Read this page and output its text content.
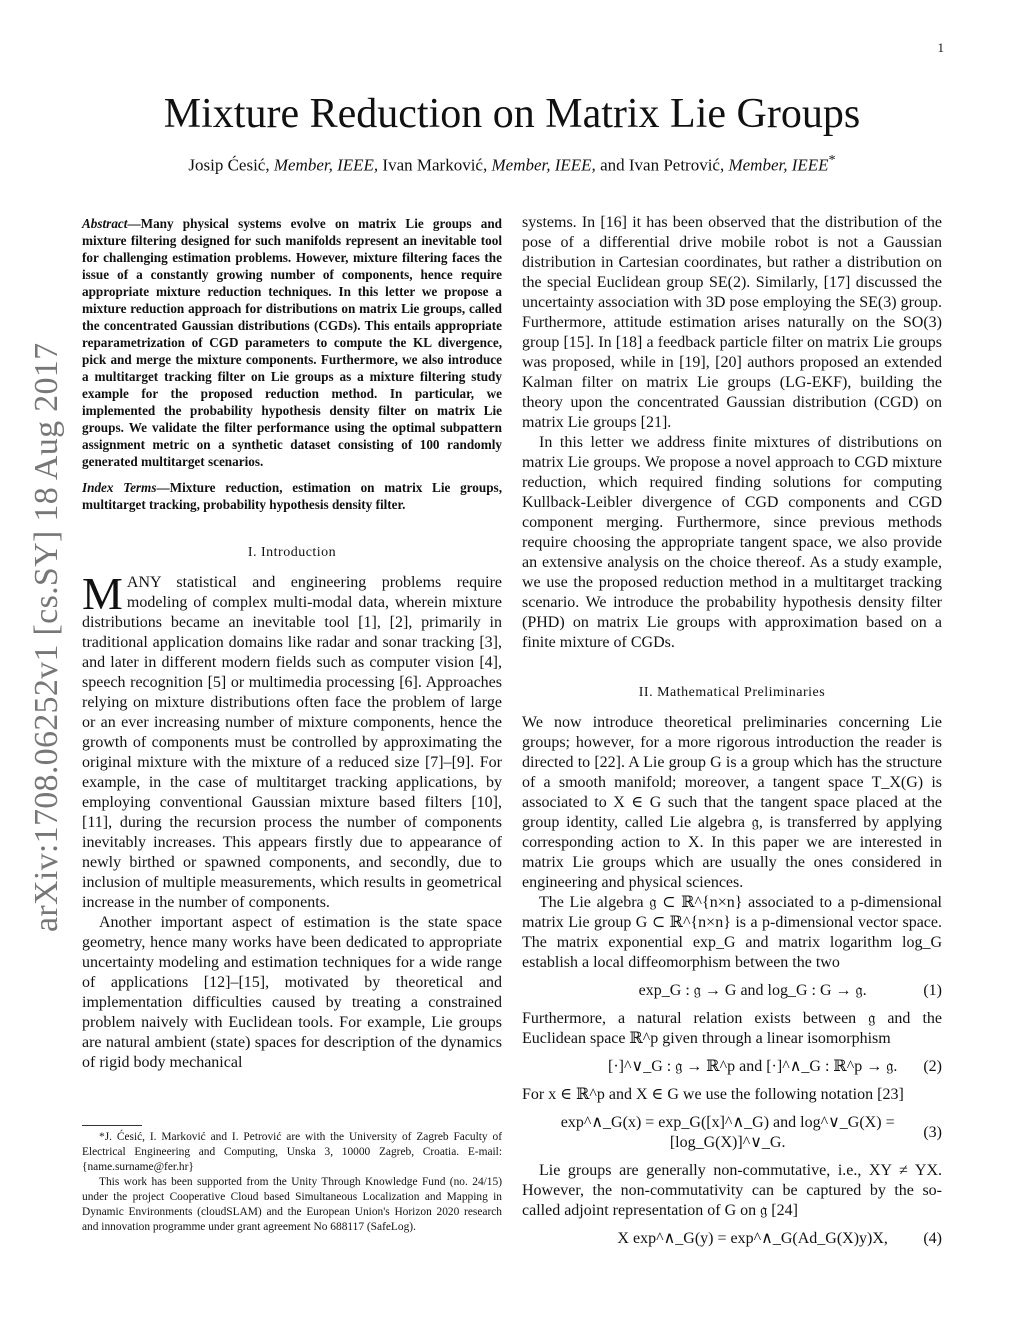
1
arXiv:1708.06252v1 [cs.SY] 18 Aug 2017
Mixture Reduction on Matrix Lie Groups
Josip Ćesić, Member, IEEE, Ivan Marković, Member, IEEE, and Ivan Petrović, Member, IEEE*

Abstract—Many physical systems evolve on matrix Lie groups and mixture filtering designed for such manifolds represent an inevitable tool for challenging estimation problems. However, mixture filtering faces the issue of a constantly growing number of components, hence require appropriate mixture reduction techniques. In this letter we propose a mixture reduction approach for distributions on matrix Lie groups, called the concentrated Gaussian distributions (CGDs). This entails appropriate reparametrization of CGD parameters to compute the KL divergence, pick and merge the mixture components. Furthermore, we also introduce a multitarget tracking filter on Lie groups as a mixture filtering study example for the proposed reduction method. In particular, we implemented the probability hypothesis density filter on matrix Lie groups. We validate the filter performance using the optimal subpattern assignment metric on a synthetic dataset consisting of 100 randomly generated multitarget scenarios.

Index Terms—Mixture reduction, estimation on matrix Lie groups, multitarget tracking, probability hypothesis density filter.

I. Introduction

MANY statistical and engineering problems require modeling of complex multi-modal data, wherein mixture distributions became an inevitable tool [1], [2], primarily in traditional application domains like radar and sonar tracking [3], and later in different modern fields such as computer vision [4], speech recognition [5] or multimedia processing [6]. Approaches relying on mixture distributions often face the problem of large or an ever increasing number of mixture components, hence the growth of components must be controlled by approximating the original mixture with the mixture of a reduced size [7]–[9]. For example, in the case of multitarget tracking applications, by employing conventional Gaussian mixture based filters [10], [11], during the recursion process the number of components inevitably increases. This appears firstly due to appearance of newly birthed or spawned components, and secondly, due to inclusion of multiple measurements, which results in geometrical increase in the number of components.

Another important aspect of estimation is the state space geometry, hence many works have been dedicated to appropriate uncertainty modeling and estimation techniques for a wide range of applications [12]–[15], motivated by theoretical and implementation difficulties caused by treating a constrained problem naively with Euclidean tools. For example, Lie groups are natural ambient (state) spaces for description of the dynamics of rigid body mechanical

*J. Ćesić, I. Marković and I. Petrović are with the University of Zagreb Faculty of Electrical Engineering and Computing, Unska 3, 10000 Zagreb, Croatia. E-mail: {name.surname@fer.hr}

This work has been supported from the Unity Through Knowledge Fund (no. 24/15) under the project Cooperative Cloud based Simultaneous Localization and Mapping in Dynamic Environments (cloudSLAM) and the European Union's Horizon 2020 research and innovation programme under grant agreement No 688117 (SafeLog).

systems. In [16] it has been observed that the distribution of the pose of a differential drive mobile robot is not a Gaussian distribution in Cartesian coordinates, but rather a distribution on the special Euclidean group SE(2). Similarly, [17] discussed the uncertainty association with 3D pose employing the SE(3) group. Furthermore, attitude estimation arises naturally on the SO(3) group [15]. In [18] a feedback particle filter on matrix Lie groups was proposed, while in [19], [20] authors proposed an extended Kalman filter on matrix Lie groups (LG-EKF), building the theory upon the concentrated Gaussian distribution (CGD) on matrix Lie groups [21].

In this letter we address finite mixtures of distributions on matrix Lie groups. We propose a novel approach to CGD mixture reduction, which required finding solutions for computing Kullback-Leibler divergence of CGD components and CGD component merging. Furthermore, since previous methods require choosing the appropriate tangent space, we also provide an extensive analysis on the choice thereof. As a study example, we use the proposed reduction method in a multitarget tracking scenario. We introduce the probability hypothesis density filter (PHD) on matrix Lie groups with approximation based on a finite mixture of CGDs.

II. Mathematical Preliminaries

We now introduce theoretical preliminaries concerning Lie groups; however, for a more rigorous introduction the reader is directed to [22]. A Lie group G is a group which has the structure of a smooth manifold; moreover, a tangent space T_X(G) is associated to X ∈ G such that the tangent space placed at the group identity, called Lie algebra 𝔤, is transferred by applying corresponding action to X. In this paper we are interested in matrix Lie groups which are usually the ones considered in engineering and physical sciences.

The Lie algebra 𝔤 ⊂ ℝ^{n×n} associated to a p-dimensional matrix Lie group G ⊂ ℝ^{n×n} is a p-dimensional vector space. The matrix exponential exp_G and matrix logarithm log_G establish a local diffeomorphism between the two

exp_G : 𝔤 → G and log_G : G → 𝔤.	(1)

Furthermore, a natural relation exists between 𝔤 and the Euclidean space ℝ^p given through a linear isomorphism

[·]^∨_G : 𝔤 → ℝ^p and [·]^∧_G : ℝ^p → 𝔤.	(2)

For x ∈ ℝ^p and X ∈ G we use the following notation [23]

exp^∧_G(x) = exp_G([x]^∧_G) and log^∨_G(X) = [log_G(X)]^∨_G.
(3)

Lie groups are generally non-commutative, i.e., XY ≠ YX. However, the non-commutativity can be captured by the so-called adjoint representation of G on 𝔤 [24]

X exp^∧_G(y) = exp^∧_G(Ad_G(X)y)X,	(4)
